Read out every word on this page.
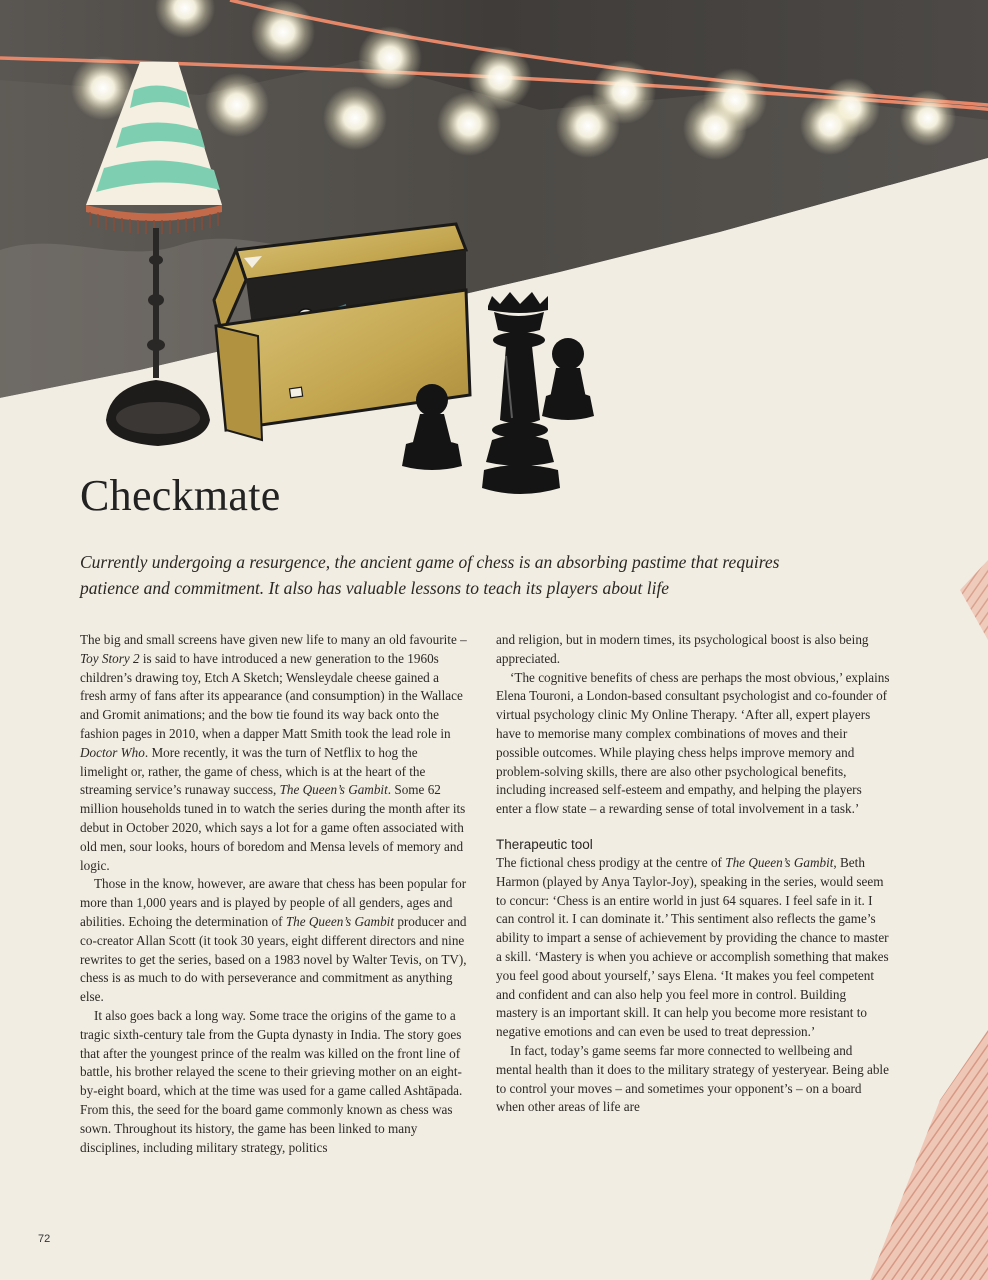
Checkmate

Currently undergoing a resurgence, the ancient game of chess is an absorbing pastime that requires patience and commitment. It also has valuable lessons to teach its players about life

The big and small screens have given new life to many an old favourite – Toy Story 2 is said to have introduced a new generation to the 1960s children’s drawing toy, Etch A Sketch; Wensleydale cheese gained a fresh army of fans after its appearance (and consumption) in the Wallace and Gromit animations; and the bow tie found its way back onto the fashion pages in 2010, when a dapper Matt Smith took the lead role in Doctor Who. More recently, it was the turn of Netflix to hog the limelight or, rather, the game of chess, which is at the heart of the streaming service’s runaway success, The Queen’s Gambit. Some 62 million households tuned in to watch the series during the month after its debut in October 2020, which says a lot for a game often associated with old men, sour looks, hours of boredom and Mensa levels of memory and logic.

Those in the know, however, are aware that chess has been popular for more than 1,000 years and is played by people of all genders, ages and abilities. Echoing the determination of The Queen’s Gambit producer and co-creator Allan Scott (it took 30 years, eight different directors and nine rewrites to get the series, based on a 1983 novel by Walter Tevis, on TV), chess is as much to do with perseverance and commitment as anything else.

It also goes back a long way. Some trace the origins of the game to a tragic sixth-century tale from the Gupta dynasty in India. The story goes that after the youngest prince of the realm was killed on the front line of battle, his brother relayed the scene to their grieving mother on an eight-by-eight board, which at the time was used for a game called Ashtāpada. From this, the seed for the board game commonly known as chess was sown. Throughout its history, the game has been linked to many disciplines, including military strategy, politics

and religion, but in modern times, its psychological boost is also being appreciated.

‘The cognitive benefits of chess are perhaps the most obvious,’ explains Elena Touroni, a London-based consultant psychologist and co-founder of virtual psychology clinic My Online Therapy. ‘After all, expert players have to memorise many complex combinations of moves and their possible outcomes. While playing chess helps improve memory and problem-solving skills, there are also other psychological benefits, including increased self-esteem and empathy, and helping the players enter a flow state – a rewarding sense of total involvement in a task.’

Therapeutic tool

The fictional chess prodigy at the centre of The Queen’s Gambit, Beth Harmon (played by Anya Taylor-Joy), speaking in the series, would seem to concur: ‘Chess is an entire world in just 64 squares. I feel safe in it. I can control it. I can dominate it.’ This sentiment also reflects the game’s ability to impart a sense of achievement by providing the chance to master a skill. ‘Mastery is when you achieve or accomplish something that makes you feel good about yourself,’ says Elena. ‘It makes you feel competent and confident and can also help you feel more in control. Building mastery is an important skill. It can help you become more resistant to negative emotions and can even be used to treat depression.’

In fact, today’s game seems far more connected to wellbeing and mental health than it does to the military strategy of yesteryear. Being able to control your moves – and sometimes your opponent’s – on a board when other areas of life are

72
